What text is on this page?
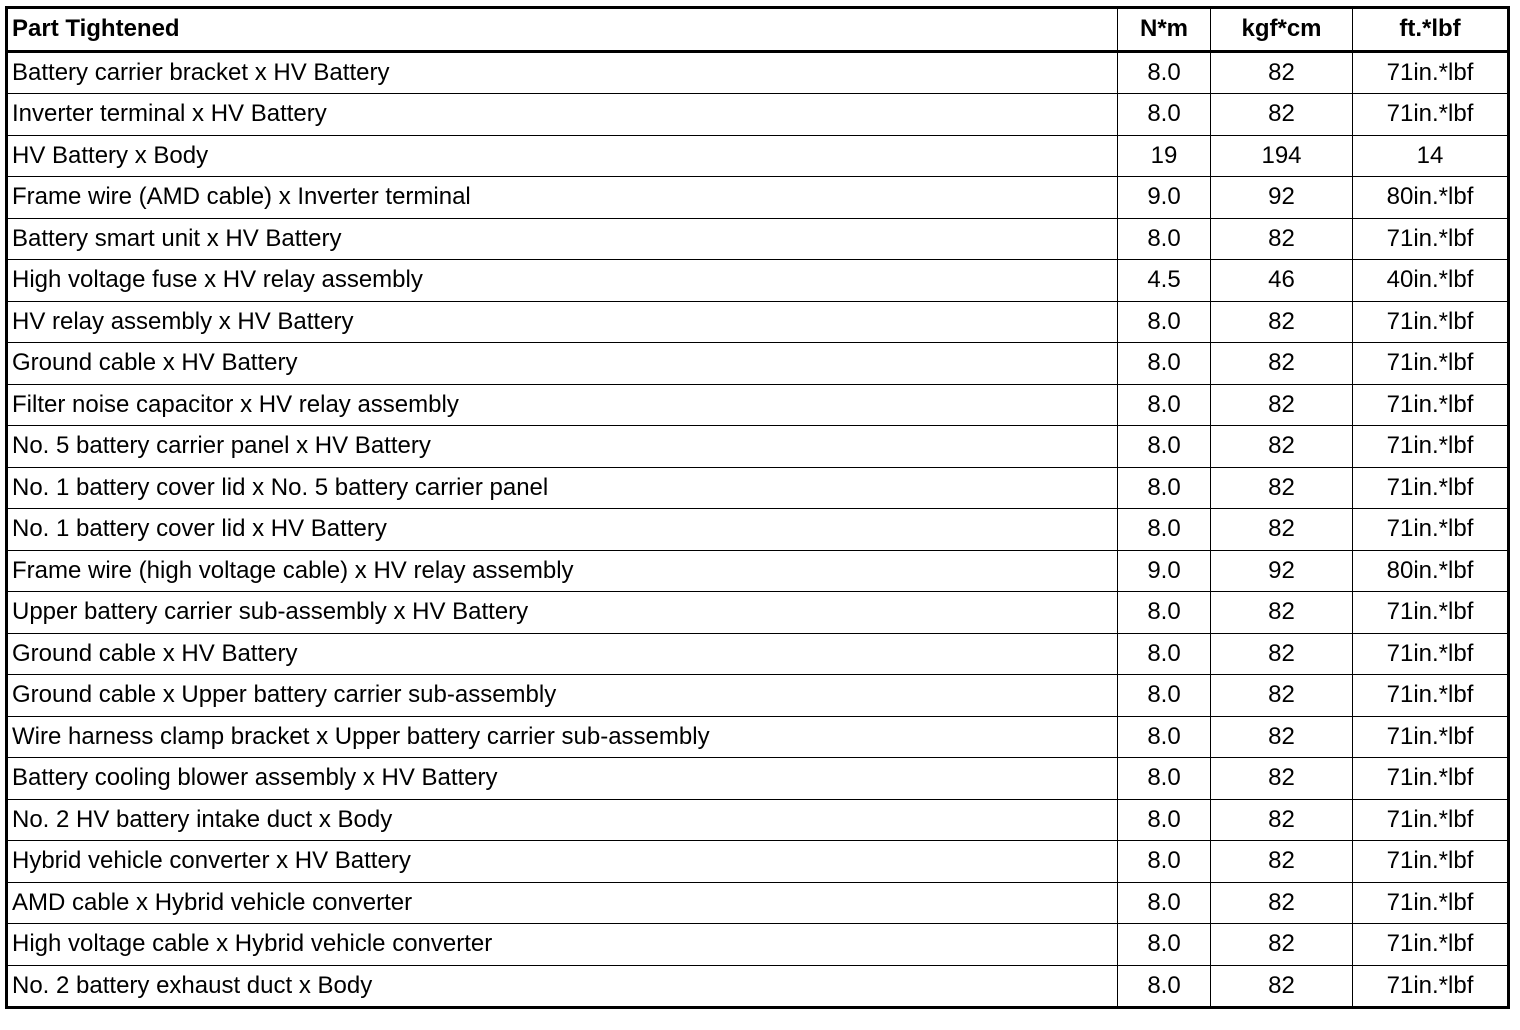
Part Tightened	N*m	kgf*cm	ft.*lbf
Battery carrier bracket x HV Battery	8.0	82	71in.*lbf
Inverter terminal x HV Battery	8.0	82	71in.*lbf
HV Battery x Body	19	194	14
Frame wire (AMD cable) x Inverter terminal	9.0	92	80in.*lbf
Battery smart unit x HV Battery	8.0	82	71in.*lbf
High voltage fuse x HV relay assembly	4.5	46	40in.*lbf
HV relay assembly x HV Battery	8.0	82	71in.*lbf
Ground cable x HV Battery	8.0	82	71in.*lbf
Filter noise capacitor x HV relay assembly	8.0	82	71in.*lbf
No. 5 battery carrier panel x HV Battery	8.0	82	71in.*lbf
No. 1 battery cover lid x No. 5 battery carrier panel	8.0	82	71in.*lbf
No. 1 battery cover lid x HV Battery	8.0	82	71in.*lbf
Frame wire (high voltage cable) x HV relay assembly	9.0	92	80in.*lbf
Upper battery carrier sub-assembly x HV Battery	8.0	82	71in.*lbf
Ground cable x HV Battery	8.0	82	71in.*lbf
Ground cable x Upper battery carrier sub-assembly	8.0	82	71in.*lbf
Wire harness clamp bracket x Upper battery carrier sub-assembly	8.0	82	71in.*lbf
Battery cooling blower assembly x HV Battery	8.0	82	71in.*lbf
No. 2 HV battery intake duct x Body	8.0	82	71in.*lbf
Hybrid vehicle converter x HV Battery	8.0	82	71in.*lbf
AMD cable x Hybrid vehicle converter	8.0	82	71in.*lbf
High voltage cable x Hybrid vehicle converter	8.0	82	71in.*lbf
No. 2 battery exhaust duct x Body	8.0	82	71in.*lbf
